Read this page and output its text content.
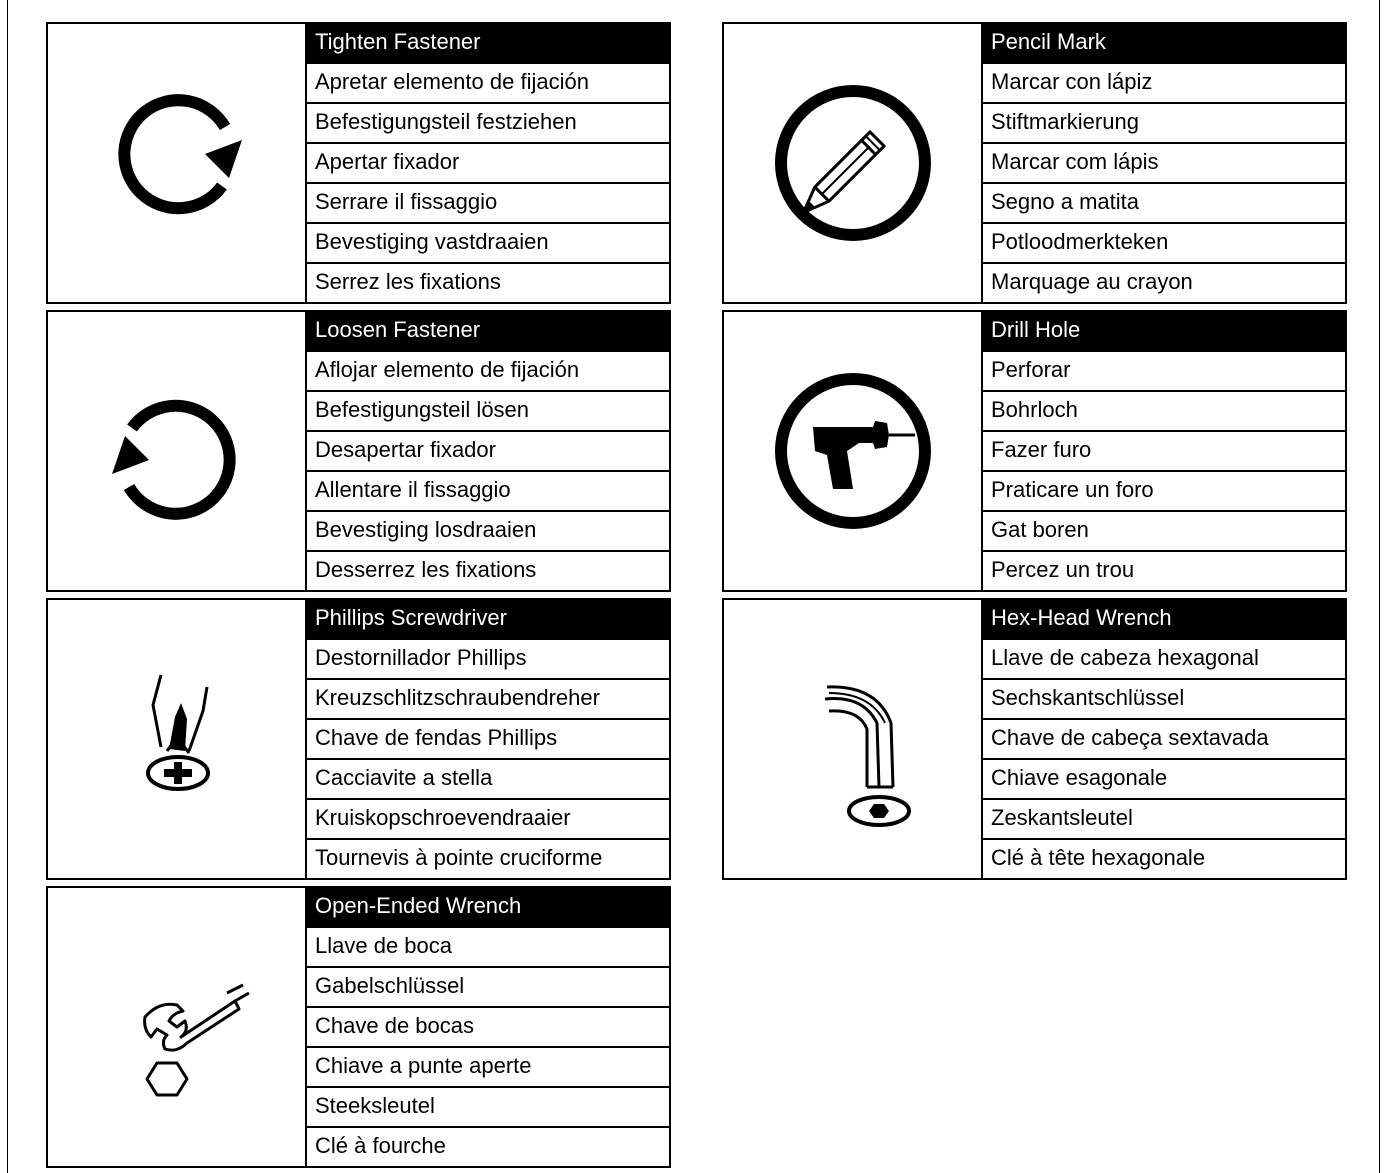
Tighten Fastener
Apretar elemento de fijación
Befestigungsteil festziehen
Apertar fixador
Serrare il fissaggio
Bevestiging vastdraaien
Serrez les fixations
Pencil Mark
Marcar con lápiz
Stiftmarkierung
Marcar com lápis
Segno a matita
Potloodmerkteken
Marquage au crayon
Loosen Fastener
Aflojar elemento de fijación
Befestigungsteil lösen
Desapertar fixador
Allentare il fissaggio
Bevestiging losdraaien
Desserrez les fixations
Drill Hole
Perforar
Bohrloch
Fazer furo
Praticare un foro
Gat boren
Percez un trou
Phillips Screwdriver
Destornillador Phillips
Kreuzschlitzschraubendreher
Chave de fendas Phillips
Cacciavite a stella
Kruiskopschroevendraaier
Tournevis à pointe cruciforme
Hex-Head Wrench
Llave de cabeza hexagonal
Sechskantschlüssel
Chave de cabeça sextavada
Chiave esagonale
Zeskantsleutel
Clé à tête hexagonale
Open-Ended Wrench
Llave de boca
Gabelschlüssel
Chave de bocas
Chiave a punte aperte
Steeksleutel
Clé à fourche
